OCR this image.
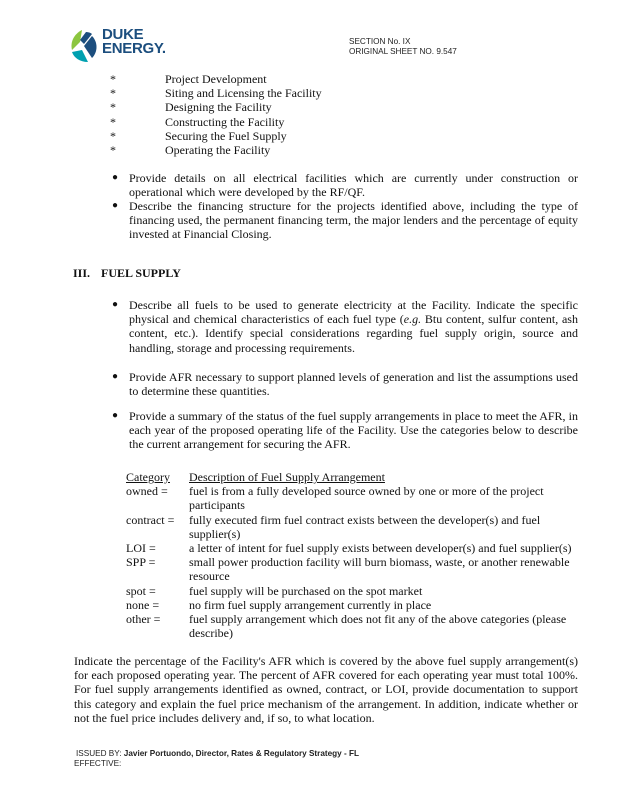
DUKE
ENERGY.	SECTION No. IX
ORIGINAL SHEET NO. 9.547
*	Project Development
*	Siting and Licensing the Facility
*	Designing the Facility
*	Constructing the Facility
*	Securing the Fuel Supply
*	Operating the Facility
● Provide details on all electrical facilities which are currently under construction or operational which were developed by the RF/QF.
● Describe the financing structure for the projects identified above, including the type of financing used, the permanent financing term, the major lenders and the percentage of equity invested at Financial Closing.
III. FUEL SUPPLY
● Describe all fuels to be used to generate electricity at the Facility. Indicate the specific physical and chemical characteristics of each fuel type (e.g. Btu content, sulfur content, ash content, etc.). Identify special considerations regarding fuel supply origin, source and handling, storage and processing requirements.
● Provide AFR necessary to support planned levels of generation and list the assumptions used to determine these quantities.
● Provide a summary of the status of the fuel supply arrangements in place to meet the AFR, in each year of the proposed operating life of the Facility. Use the categories below to describe the current arrangement for securing the AFR.
Category	Description of Fuel Supply Arrangement
owned =	fuel is from a fully developed source owned by one or more of the project participants
contract =	fully executed firm fuel contract exists between the developer(s) and fuel supplier(s)
LOI =	a letter of intent for fuel supply exists between developer(s) and fuel supplier(s)
SPP =	small power production facility will burn biomass, waste, or another renewable resource
spot =	fuel supply will be purchased on the spot market
none =	no firm fuel supply arrangement currently in place
other =	fuel supply arrangement which does not fit any of the above categories (please describe)
Indicate the percentage of the Facility's AFR which is covered by the above fuel supply arrangement(s) for each proposed operating year. The percent of AFR covered for each operating year must total 100%. For fuel supply arrangements identified as owned, contract, or LOI, provide documentation to support this category and explain the fuel price mechanism of the arrangement. In addition, indicate whether or not the fuel price includes delivery and, if so, to what location.
ISSUED BY: Javier Portuondo, Director, Rates & Regulatory Strategy - FL
EFFECTIVE:
